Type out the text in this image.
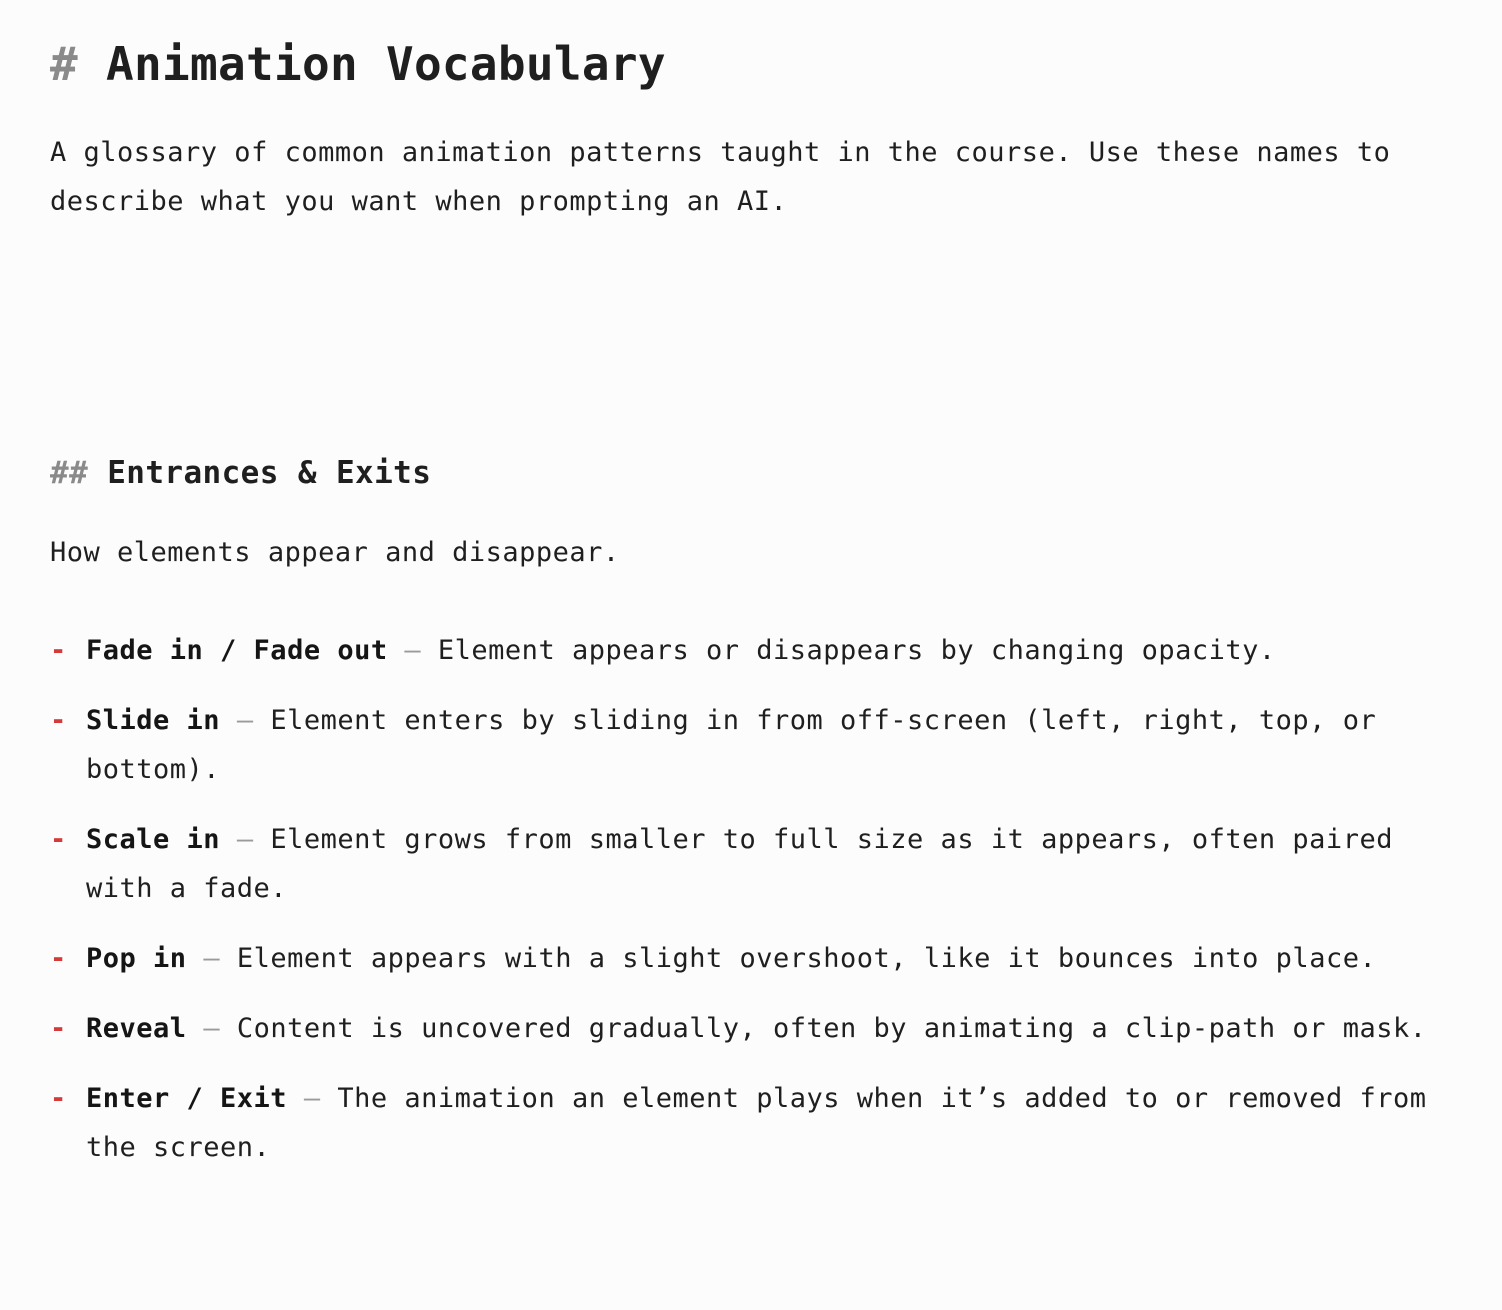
# Animation Vocabulary

A glossary of common animation patterns taught in the course. Use these names to describe what you want when prompting an AI.

## Entrances & Exits

How elements appear and disappear.

- Fade in / Fade out — Element appears or disappears by changing opacity.
- Slide in — Element enters by sliding in from off-screen (left, right, top, or bottom).
- Scale in — Element grows from smaller to full size as it appears, often paired with a fade.
- Pop in — Element appears with a slight overshoot, like it bounces into place.
- Reveal — Content is uncovered gradually, often by animating a clip-path or mask.
- Enter / Exit — The animation an element plays when it’s added to or removed from the screen.
